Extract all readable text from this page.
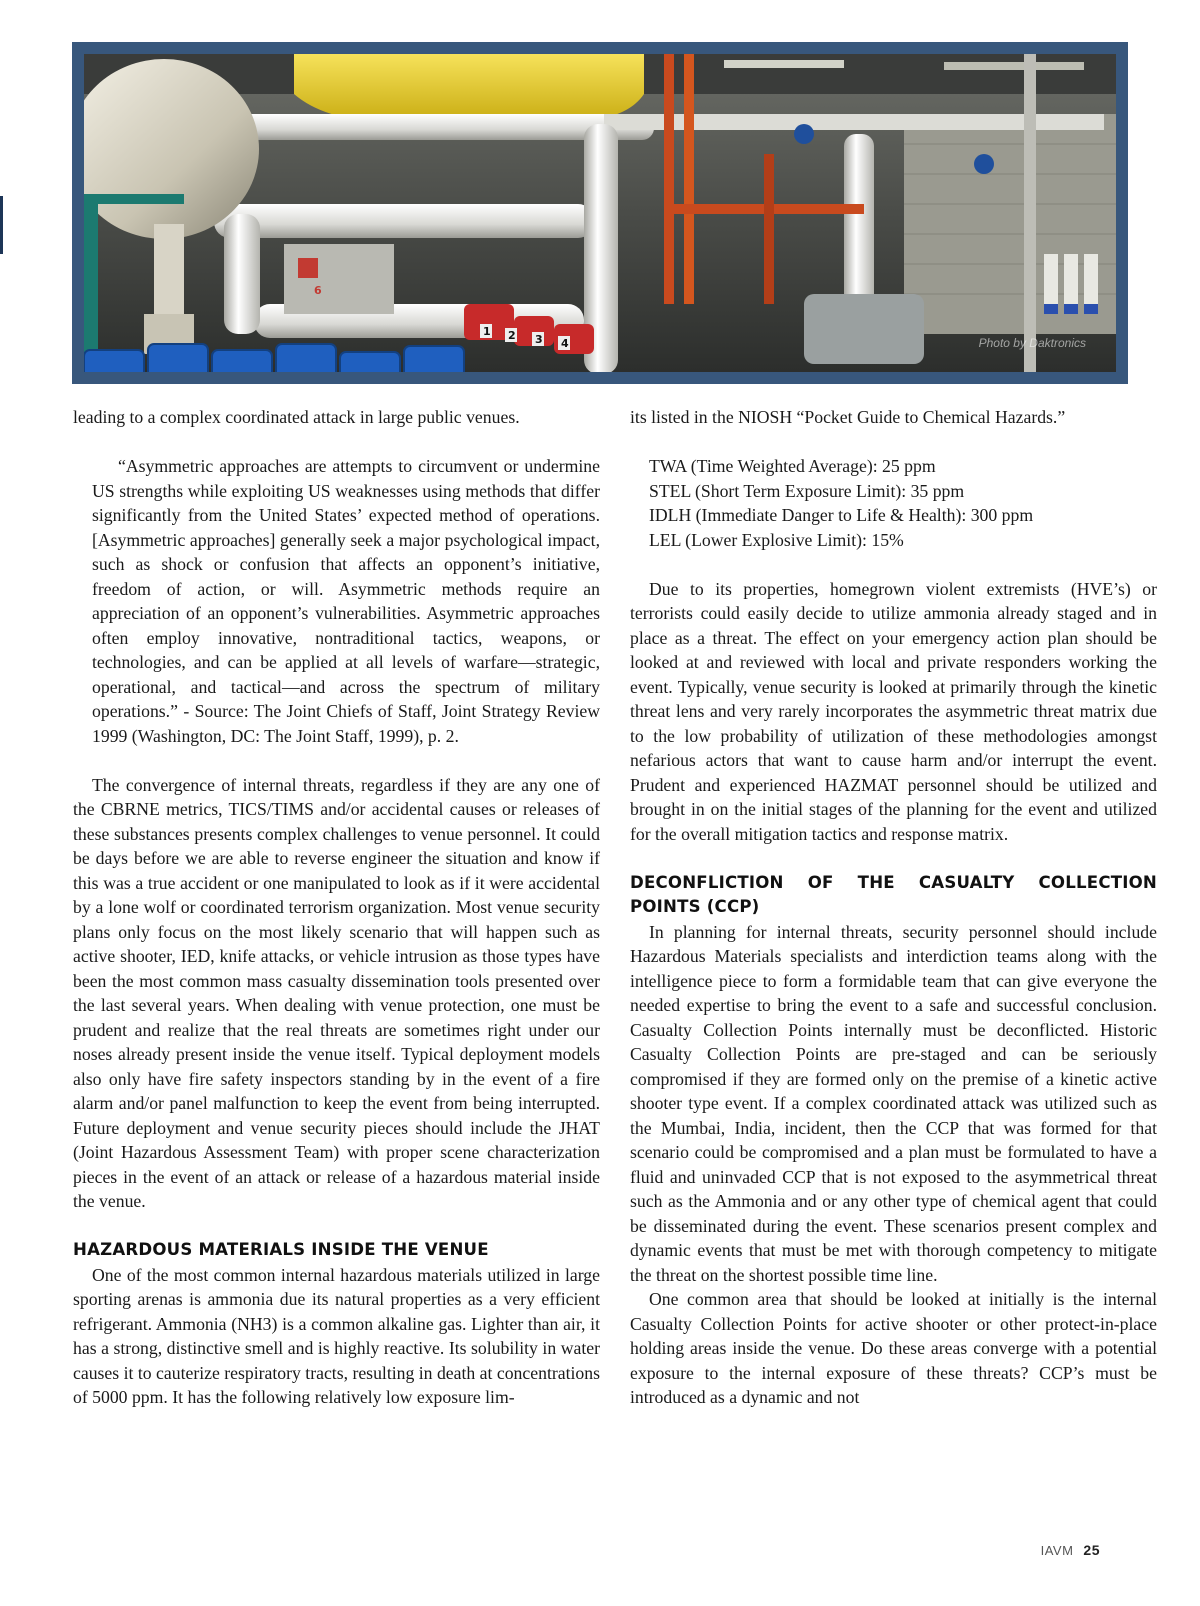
1 2 3 4
6
Photo by Daktronics

leading to a complex coordinated attack in large public venues.

“Asymmetric approaches are attempts to circumvent or undermine US strengths while exploiting US weaknesses using methods that differ significantly from the United States’ expected method of operations. [Asymmetric approaches] generally seek a major psychological impact, such as shock or confusion that affects an opponent’s initiative, freedom of action, or will. Asymmetric methods require an appreciation of an opponent’s vulnerabilities. Asymmetric approaches often employ innovative, nontraditional tactics, weapons, or technologies, and can be applied at all levels of warfare—strategic, operational, and tactical—and across the spectrum of military operations.” - Source: The Joint Chiefs of Staff, Joint Strategy Review 1999 (Washington, DC: The Joint Staff, 1999), p. 2.

The convergence of internal threats, regardless if they are any one of the CBRNE metrics, TICS/TIMS and/or accidental causes or releases of these substances presents complex challenges to venue personnel. It could be days before we are able to reverse engineer the situation and know if this was a true accident or one manipulated to look as if it were accidental by a lone wolf or coordinated terrorism organization. Most venue security plans only focus on the most likely scenario that will happen such as active shooter, IED, knife attacks, or vehicle intrusion as those types have been the most common mass casualty dissemination tools presented over the last several years. When dealing with venue protection, one must be prudent and realize that the real threats are sometimes right under our noses already present inside the venue itself. Typical deployment models also only have fire safety inspectors standing by in the event of a fire alarm and/or panel malfunction to keep the event from being interrupted. Future deployment and venue security pieces should include the JHAT (Joint Hazardous Assessment Team) with proper scene characterization pieces in the event of an attack or release of a hazardous material inside the venue.

HAZARDOUS MATERIALS INSIDE THE VENUE

One of the most common internal hazardous materials utilized in large sporting arenas is ammonia due its natural properties as a very efficient refrigerant. Ammonia (NH3) is a common alkaline gas. Lighter than air, it has a strong, distinctive smell and is highly reactive. Its solubility in water causes it to cauterize respiratory tracts, resulting in death at concentrations of 5000 ppm. It has the following relatively low exposure lim-

its listed in the NIOSH “Pocket Guide to Chemical Hazards.”

TWA (Time Weighted Average): 25 ppm

STEL (Short Term Exposure Limit): 35 ppm

IDLH (Immediate Danger to Life & Health): 300 ppm

LEL (Lower Explosive Limit): 15%

Due to its properties, homegrown violent extremists (HVE’s) or terrorists could easily decide to utilize ammonia already staged and in place as a threat. The effect on your emergency action plan should be looked at and reviewed with local and private responders working the event. Typically, venue security is looked at primarily through the kinetic threat lens and very rarely incorporates the asymmetric threat matrix due to the low probability of utilization of these methodologies amongst nefarious actors that want to cause harm and/or interrupt the event. Prudent and experienced HAZMAT personnel should be utilized and brought in on the initial stages of the planning for the event and utilized for the overall mitigation tactics and response matrix.

DECONFLICTION OF THE CASUALTY COLLECTION POINTS (CCP)

In planning for internal threats, security personnel should include Hazardous Materials specialists and interdiction teams along with the intelligence piece to form a formidable team that can give everyone the needed expertise to bring the event to a safe and successful conclusion. Casualty Collection Points internally must be deconflicted. Historic Casualty Collection Points are pre-staged and can be seriously compromised if they are formed only on the premise of a kinetic active shooter type event. If a complex coordinated attack was utilized such as the Mumbai, India, incident, then the CCP that was formed for that scenario could be compromised and a plan must be formulated to have a fluid and uninvaded CCP that is not exposed to the asymmetrical threat such as the Ammonia and or any other type of chemical agent that could be disseminated during the event. These scenarios present complex and dynamic events that must be met with thorough competency to mitigate the threat on the shortest possible time line.

One common area that should be looked at initially is the internal Casualty Collection Points for active shooter or other protect-in-place holding areas inside the venue. Do these areas converge with a potential exposure to the internal exposure of these threats? CCP’s must be introduced as a dynamic and not

IAVM 25
